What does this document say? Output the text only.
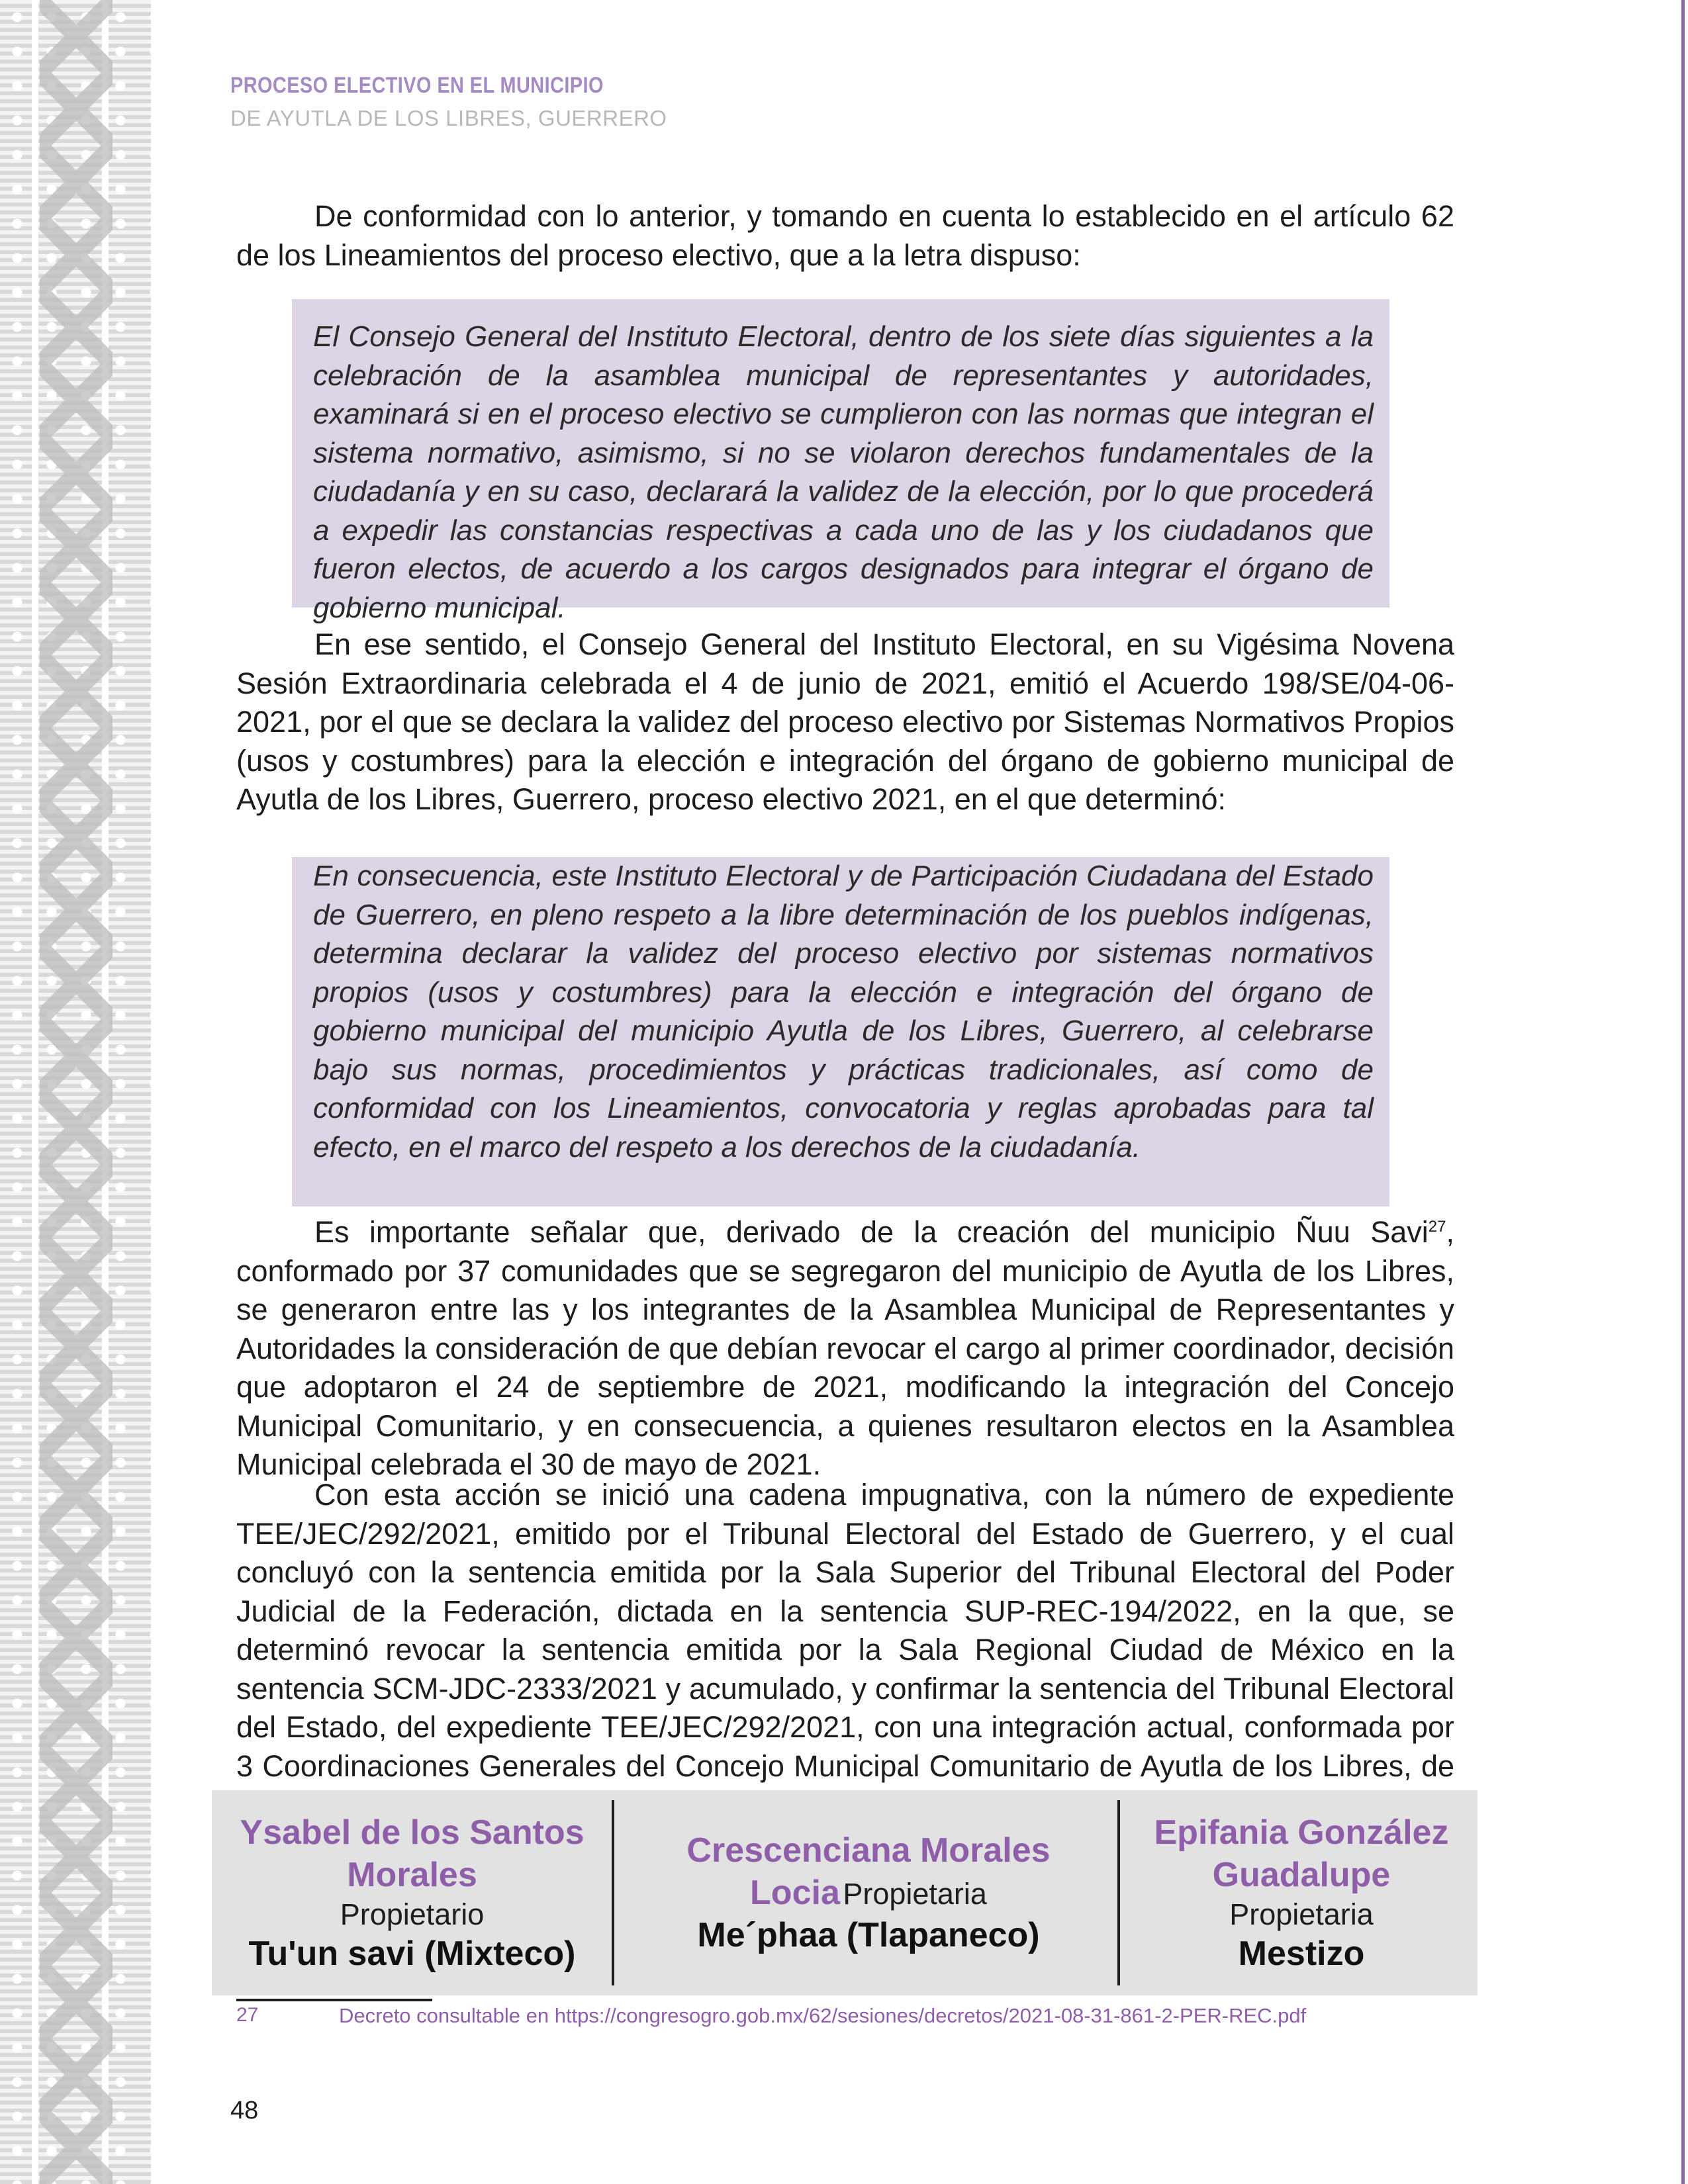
PROCESO ELECTIVO EN EL MUNICIPIO
DE AYUTLA DE LOS LIBRES, GUERRERO

De conformidad con lo anterior, y tomando en cuenta lo establecido en el artículo 62 de los Lineamientos del proceso electivo, que a la letra dispuso:

El Consejo General del Instituto Electoral, dentro de los siete días siguientes a la celebración de la asamblea municipal de representantes y autoridades, examinará si en el proceso electivo se cumplieron con las normas que integran el sistema normativo, asimismo, si no se violaron derechos fundamentales de la ciudadanía y en su caso, declarará la validez de la elección, por lo que procederá a expedir las constancias respectivas a cada uno de las y los ciudadanos que fueron electos, de acuerdo a los cargos designados para integrar el órgano de gobierno municipal.

En ese sentido, el Consejo General del Instituto Electoral, en su Vigésima Novena Sesión Extraordinaria celebrada el 4 de junio de 2021, emitió el Acuerdo 198/SE/04-06-2021, por el que se declara la validez del proceso electivo por Sistemas Normativos Propios (usos y costumbres) para la elección e integración del órgano de gobierno municipal de Ayutla de los Libres, Guerrero, proceso electivo 2021, en el que determinó:

En consecuencia, este Instituto Electoral y de Participación Ciudadana del Estado de Guerrero, en pleno respeto a la libre determinación de los pueblos indígenas, determina declarar la validez del proceso electivo por sistemas normativos propios (usos y costumbres) para la elección e integración del órgano de gobierno municipal del municipio Ayutla de los Libres, Guerrero, al celebrarse bajo sus normas, procedimientos y prácticas tradicionales, así como de conformidad con los Lineamientos, convocatoria y reglas aprobadas para tal efecto, en el marco del respeto a los derechos de la ciudadanía.

Es importante señalar que, derivado de la creación del municipio Ñuu Savi$^{27}$, conformado por 37 comunidades que se segregaron del municipio de Ayutla de los Libres, se generaron entre las y los integrantes de la Asamblea Municipal de Representantes y Autoridades la consideración de que debían revocar el cargo al primer coordinador, decisión que adoptaron el 24 de septiembre de 2021, modificando la integración del Concejo Municipal Comunitario, y en consecuencia, a quienes resultaron electos en la Asamblea Municipal celebrada el 30 de mayo de 2021.

Con esta acción se inició una cadena impugnativa, con la número de expediente TEE/JEC/292/2021, emitido por el Tribunal Electoral del Estado de Guerrero, y el cual concluyó con la sentencia emitida por la Sala Superior del Tribunal Electoral del Poder Judicial de la Federación, dictada en la sentencia SUP-REC-194/2022, en la que, se determinó revocar la sentencia emitida por la Sala Regional Ciudad de México en la sentencia SCM-JDC-2333/2021 y acumulado, y confirmar la sentencia del Tribunal Electoral del Estado, del expediente TEE/JEC/292/2021, con una integración actual, conformada por 3 Coordinaciones Generales del Concejo Municipal Comunitario de Ayutla de los Libres, de

Ysabel de los Santos
Morales
Propietario
Tu'un savi (Mixteco)
Crescenciana Morales
Locia Propietaria
Me´phaa (Tlapaneco)
Epifania González
Guadalupe
Propietaria
Mestizo
27	Decreto consultable en https://congresogro.gob.mx/62/sesiones/decretos/2021-08-31-861-2-PER-REC.pdf
48
